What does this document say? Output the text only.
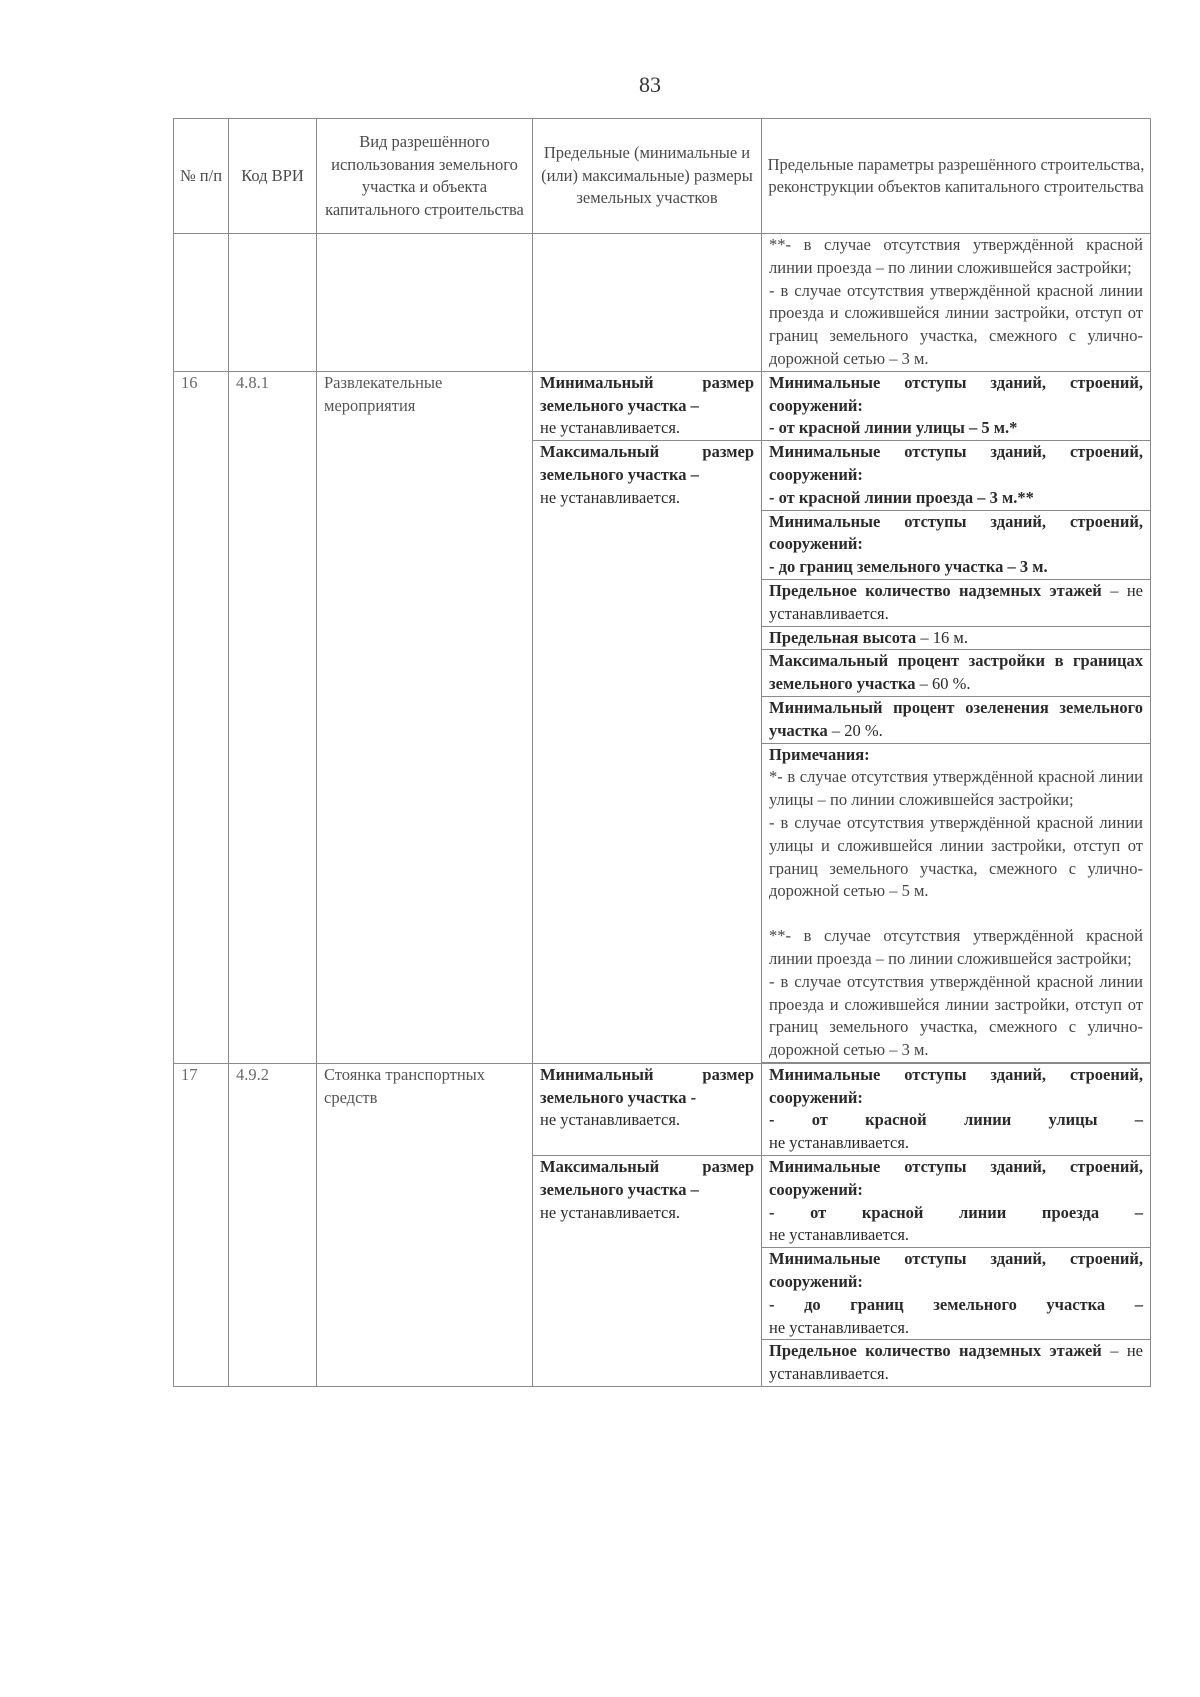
83
№ п/п	Код ВРИ	Вид разрешённого использования земельного участка и объекта капитального строительства	Предельные (минимальные и (или) максимальные) размеры земельных участков	Предельные параметры разрешённого строительства, реконструкции объектов капитального строительства

				**- в случае отсутствия утверждённой красной линии проезда – по линии сложившейся застройки;
- в случае отсутствия утверждённой красной линии проезда и сложившейся линии застройки, отступ от границ земельного участка, смежного с улично-дорожной сетью – 3 м.

16	4.8.1	Развлекательные мероприятия	Минимальный размер земельного участка –
не устанавливается.	Минимальные отступы зданий, строений, сооружений:
- от красной линии улицы – 5 м.*

			Максимальный размер земельного участка –
не устанавливается.	Минимальные отступы зданий, строений, сооружений:
- от красной линии проезда – 3 м.**

				Минимальные отступы зданий, строений, сооружений:
- до границ земельного участка – 3 м.

				Предельное количество надземных этажей – не устанавливается.
				Предельная высота – 16 м.
				Максимальный процент застройки в границах земельного участка – 60 %.
				Минимальный процент озеленения земельного участка – 20 %.

				Примечания:
*- в случае отсутствия утверждённой красной линии улицы – по линии сложившейся застройки;
- в случае отсутствия утверждённой красной линии улицы и сложившейся линии застройки, отступ от границ земельного участка, смежного с улично-дорожной сетью – 5 м.
**- в случае отсутствия утверждённой красной линии проезда – по линии сложившейся застройки;
- в случае отсутствия утверждённой красной линии проезда и сложившейся линии застройки, отступ от границ земельного участка, смежного с улично-дорожной сетью – 3 м.

17	4.9.2	Стоянка транспортных средств	Минимальный размер земельного участка -
не устанавливается.	Минимальные отступы зданий, строений, сооружений:
- от красной линии улицы –
не устанавливается.

			Максимальный размер земельного участка –
не устанавливается.	Минимальные отступы зданий, строений, сооружений:
- от красной линии проезда –
не устанавливается.

				Минимальные отступы зданий, строений, сооружений:
- до границ земельного участка –
не устанавливается.

				Предельное количество надземных этажей – не устанавливается.
